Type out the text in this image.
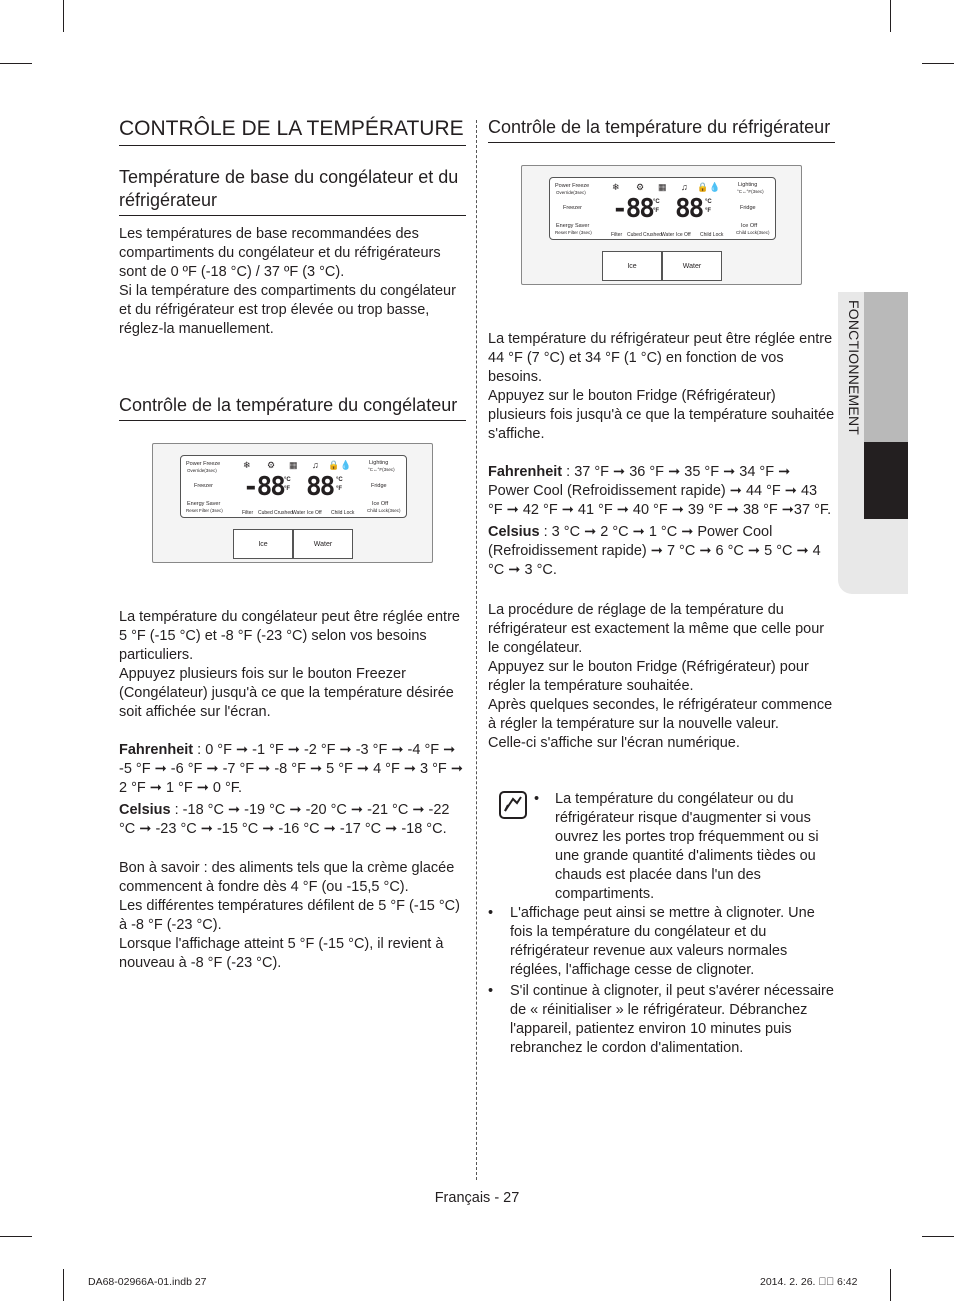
CONTRÔLE DE LA TEMPÉRATURE
Température de base du congélateur et du réfrigérateur

Les températures de base recommandées des compartiments du congélateur et du réfrigérateurs sont de 0 ºF (-18 °C) / 37 ºF (3 °C).

Si la température des compartiments du congélateur et du réfrigérateur est trop élevée ou trop basse, réglez-la manuellement.

Contrôle de la température du congélateur
Power Freeze
Override(3sec)
Freezer
Energy Saver
Reset Filter (3sec)
❄ ⚙ ▦ ♫ 🔒 💧
-88 °C
°F 88 °C
°F
Filter Cubed Crushed Water Ice Off Child Lock
Lighting
°C↔°F(3sec)
Fridge
Ice Off
Child Lock(3sec)
Ice	Water

La température du congélateur peut être réglée entre 5 °F (-15 °C) et -8 °F (-23 °C) selon vos besoins particuliers.

Appuyez plusieurs fois sur le bouton Freezer (Congélateur) jusqu'à ce que la température désirée soit affichée sur l'écran.

Fahrenheit : 0 °F ➞ -1 °F ➞ -2 °F ➞ -3 °F ➞ -4 °F ➞ -5 °F ➞ -6 °F ➞ -7 °F ➞ -8 °F ➞ 5 °F ➞ 4 °F ➞ 3 °F ➞ 2 °F ➞ 1 °F ➞ 0 °F.

Celsius : -18 °C ➞ -19 °C ➞ -20 °C ➞ -21 °C ➞ -22 °C ➞ -23 °C ➞ -15 °C ➞ -16 °C ➞ -17 °C ➞ -18 °C.

Bon à savoir : des aliments tels que la crème glacée commencent à fondre dès 4 °F (ou -15,5 °C).

Les différentes températures défilent de 5 °F (-15 °C) à -8 °F (-23 °C).

Lorsque l'affichage atteint 5 °F (-15 °C), il revient à nouveau à -8 °F (-23 °C).

Contrôle de la température du réfrigérateur
Power Freeze
Override(3sec)
Freezer
Energy Saver
Reset Filter (3sec)
❄ ⚙ ▦ ♫ 🔒 💧
-88 °C
°F 88 °C
°F
Filter Cubed Crushed Water Ice Off Child Lock
Lighting
°C↔°F(3sec)
Fridge
Ice Off
Child Lock(3sec)
Ice	Water

La température du réfrigérateur peut être réglée entre 44 °F (7 °C) et 34 °F (1 °C) en fonction de vos besoins.

Appuyez sur le bouton Fridge (Réfrigérateur) plusieurs fois jusqu'à ce que la température souhaitée s'affiche.

Fahrenheit : 37 °F ➞ 36 °F ➞ 35 °F ➞ 34 °F ➞ Power Cool (Refroidissement rapide) ➞ 44 °F ➞ 43 °F ➞ 42 °F ➞ 41 °F ➞ 40 °F ➞ 39 °F ➞ 38 °F ➞37 °F.

Celsius : 3 °C ➞ 2 °C ➞ 1 °C ➞ Power Cool (Refroidissement rapide) ➞ 7 °C ➞ 6 °C ➞ 5 °C ➞ 4 °C ➞ 3 °C.

La procédure de réglage de la température du réfrigérateur est exactement la même que celle pour le congélateur.

Appuyez sur le bouton Fridge (Réfrigérateur) pour régler la température souhaitée.

Après quelques secondes, le réfrigérateur commence à régler la température sur la nouvelle valeur.

Celle-ci s'affiche sur l'écran numérique.

• La température du congélateur ou du réfrigérateur risque d'augmenter si vous ouvrez les portes trop fréquemment ou si une grande quantité d'aliments tièdes ou chauds est placée dans l'un des compartiments.
• L'affichage peut ainsi se mettre à clignoter. Une fois la température du congélateur et du réfrigérateur revenue aux valeurs normales réglées, l'affichage cesse de clignoter.
• S'il continue à clignoter, il peut s'avérer nécessaire de « réinitialiser » le réfrigérateur. Débranchez l'appareil, patientez environ 10 minutes puis rebranchez le cordon d'alimentation.
FONCTIONNEMENT
Français - 27
DA68-02966A-01.indb 27	2014. 2. 26. ￿￿ 6:42
